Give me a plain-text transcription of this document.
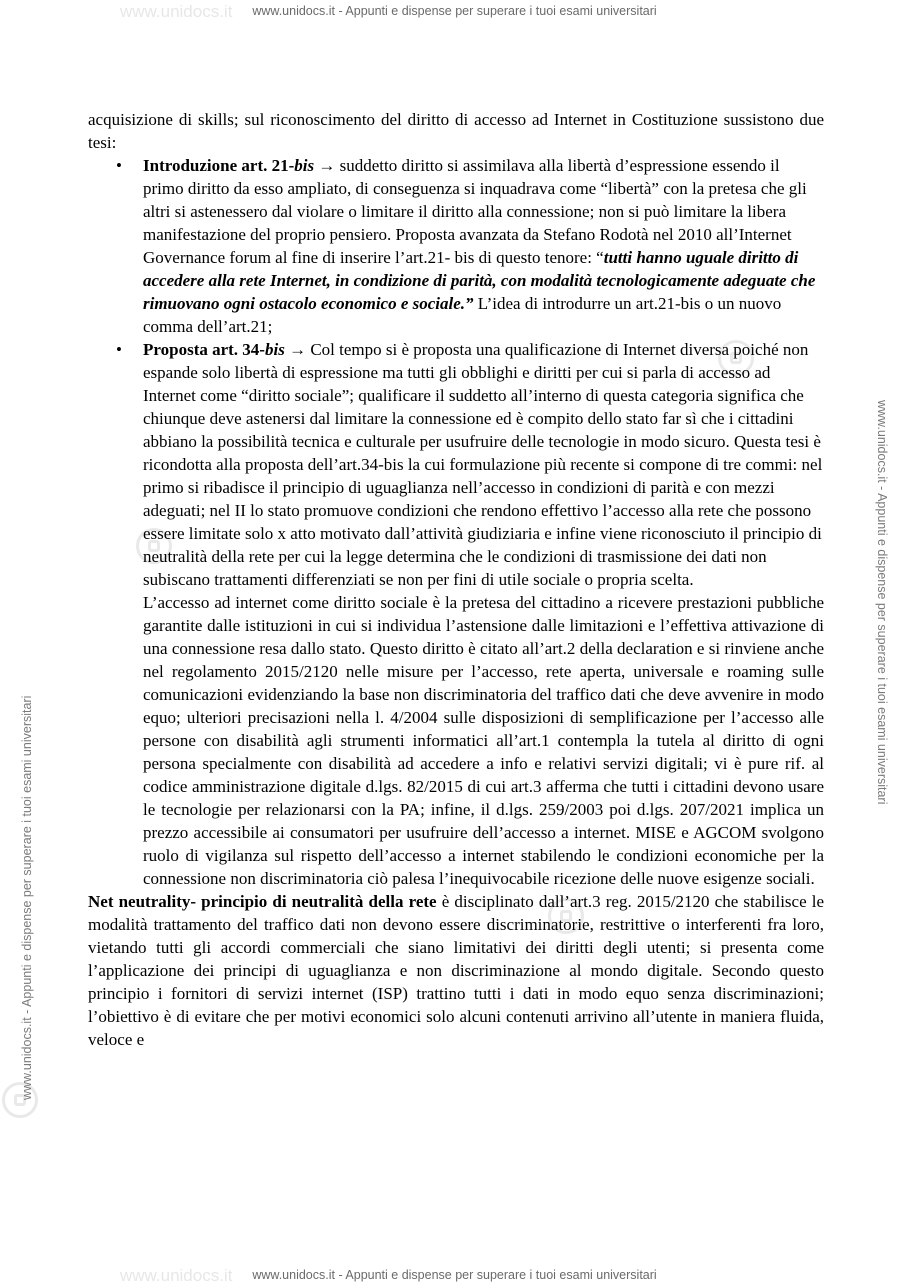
www.unidocs.it
www.unidocs.it
www.unidocs.it - Appunti e dispense per superare i tuoi esami universitari
www.unidocs.it - Appunti e dispense per superare i tuoi esami universitari
www.unidocs.it - Appunti e dispense per superare i tuoi esami universitari

acquisizione di skills; sul riconoscimento del diritto di accesso ad Internet in Costituzione sussistono due tesi:

• Introduzione art. 21-bis → suddetto diritto si assimilava alla libertà d’espressione essendo il primo diritto da esso ampliato, di conseguenza si inquadrava come “libertà” con la pretesa che gli altri si astenessero dal violare o limitare il diritto alla connessione; non si può limitare la libera manifestazione del proprio pensiero. Proposta avanzata da Stefano Rodotà nel 2010 all’Internet Governance forum al fine di inserire l’art.21- bis di questo tenore: “tutti hanno uguale diritto di accedere alla rete Internet, in condizione di parità, con modalità tecnologicamente adeguate che rimuovano ogni ostacolo economico e sociale.” L’idea di introdurre un art.21-bis o un nuovo comma dell’art.21;

• Proposta art. 34-bis → Col tempo si è proposta una qualificazione di Internet diversa poiché non espande solo libertà di espressione ma tutti gli obblighi e diritti per cui si parla di accesso ad Internet come “diritto sociale”; qualificare il suddetto all’interno di questa categoria significa che chiunque deve astenersi dal limitare la connessione ed è compito dello stato far sì che i cittadini abbiano la possibilità tecnica e culturale per usufruire delle tecnologie in modo sicuro. Questa tesi è ricondotta alla proposta dell’art.34-bis la cui formulazione più recente si compone di tre commi: nel primo si ribadisce il principio di uguaglianza nell’accesso in condizioni di parità e con mezzi adeguati; nel II lo stato promuove condizioni che rendono effettivo l’accesso alla rete che possono essere limitate solo x atto motivato dall’attività giudiziaria e infine viene riconosciuto il principio di neutralità della rete per cui la legge determina che le condizioni di trasmissione dei dati non subiscano trattamenti differenziati se non per fini di utile sociale o propria scelta.

L’accesso ad internet come diritto sociale è la pretesa del cittadino a ricevere prestazioni pubbliche garantite dalle istituzioni in cui si individua l’astensione dalle limitazioni e l’effettiva attivazione di una connessione resa dallo stato. Questo diritto è citato all’art.2 della declaration e si rinviene anche nel regolamento 2015/2120 nelle misure per l’accesso, rete aperta, universale e roaming sulle comunicazioni evidenziando la base non discriminatoria del traffico dati che deve avvenire in modo equo; ulteriori precisazioni nella l. 4/2004 sulle disposizioni di semplificazione per l’accesso alle persone con disabilità agli strumenti informatici all’art.1 contempla la tutela al diritto di ogni persona specialmente con disabilità ad accedere a info e relativi servizi digitali; vi è pure rif. al codice amministrazione digitale d.lgs. 82/2015 di cui art.3 afferma che tutti i cittadini devono usare le tecnologie per relazionarsi con la PA; infine, il d.lgs. 259/2003 poi d.lgs. 207/2021 implica un prezzo accessibile ai consumatori per usufruire dell’accesso a internet. MISE e AGCOM svolgono ruolo di vigilanza sul rispetto dell’accesso a internet stabilendo le condizioni economiche per la connessione non discriminatoria ciò palesa l’inequivocabile ricezione delle nuove esigenze sociali.

Net neutrality- principio di neutralità della rete è disciplinato dall’art.3 reg. 2015/2120 che stabilisce le modalità trattamento del traffico dati non devono essere discriminatorie, restrittive o interferenti fra loro, vietando tutti gli accordi commerciali che siano limitativi dei diritti degli utenti; si presenta come l’applicazione dei principi di uguaglianza e non discriminazione al mondo digitale. Secondo questo principio i fornitori di servizi internet (ISP) trattino tutti i dati in modo equo senza discriminazioni; l’obiettivo è di evitare che per motivi economici solo alcuni contenuti arrivino all’utente in maniera fluida, veloce e

www.unidocs.it - Appunti e dispense per superare i tuoi esami universitari
